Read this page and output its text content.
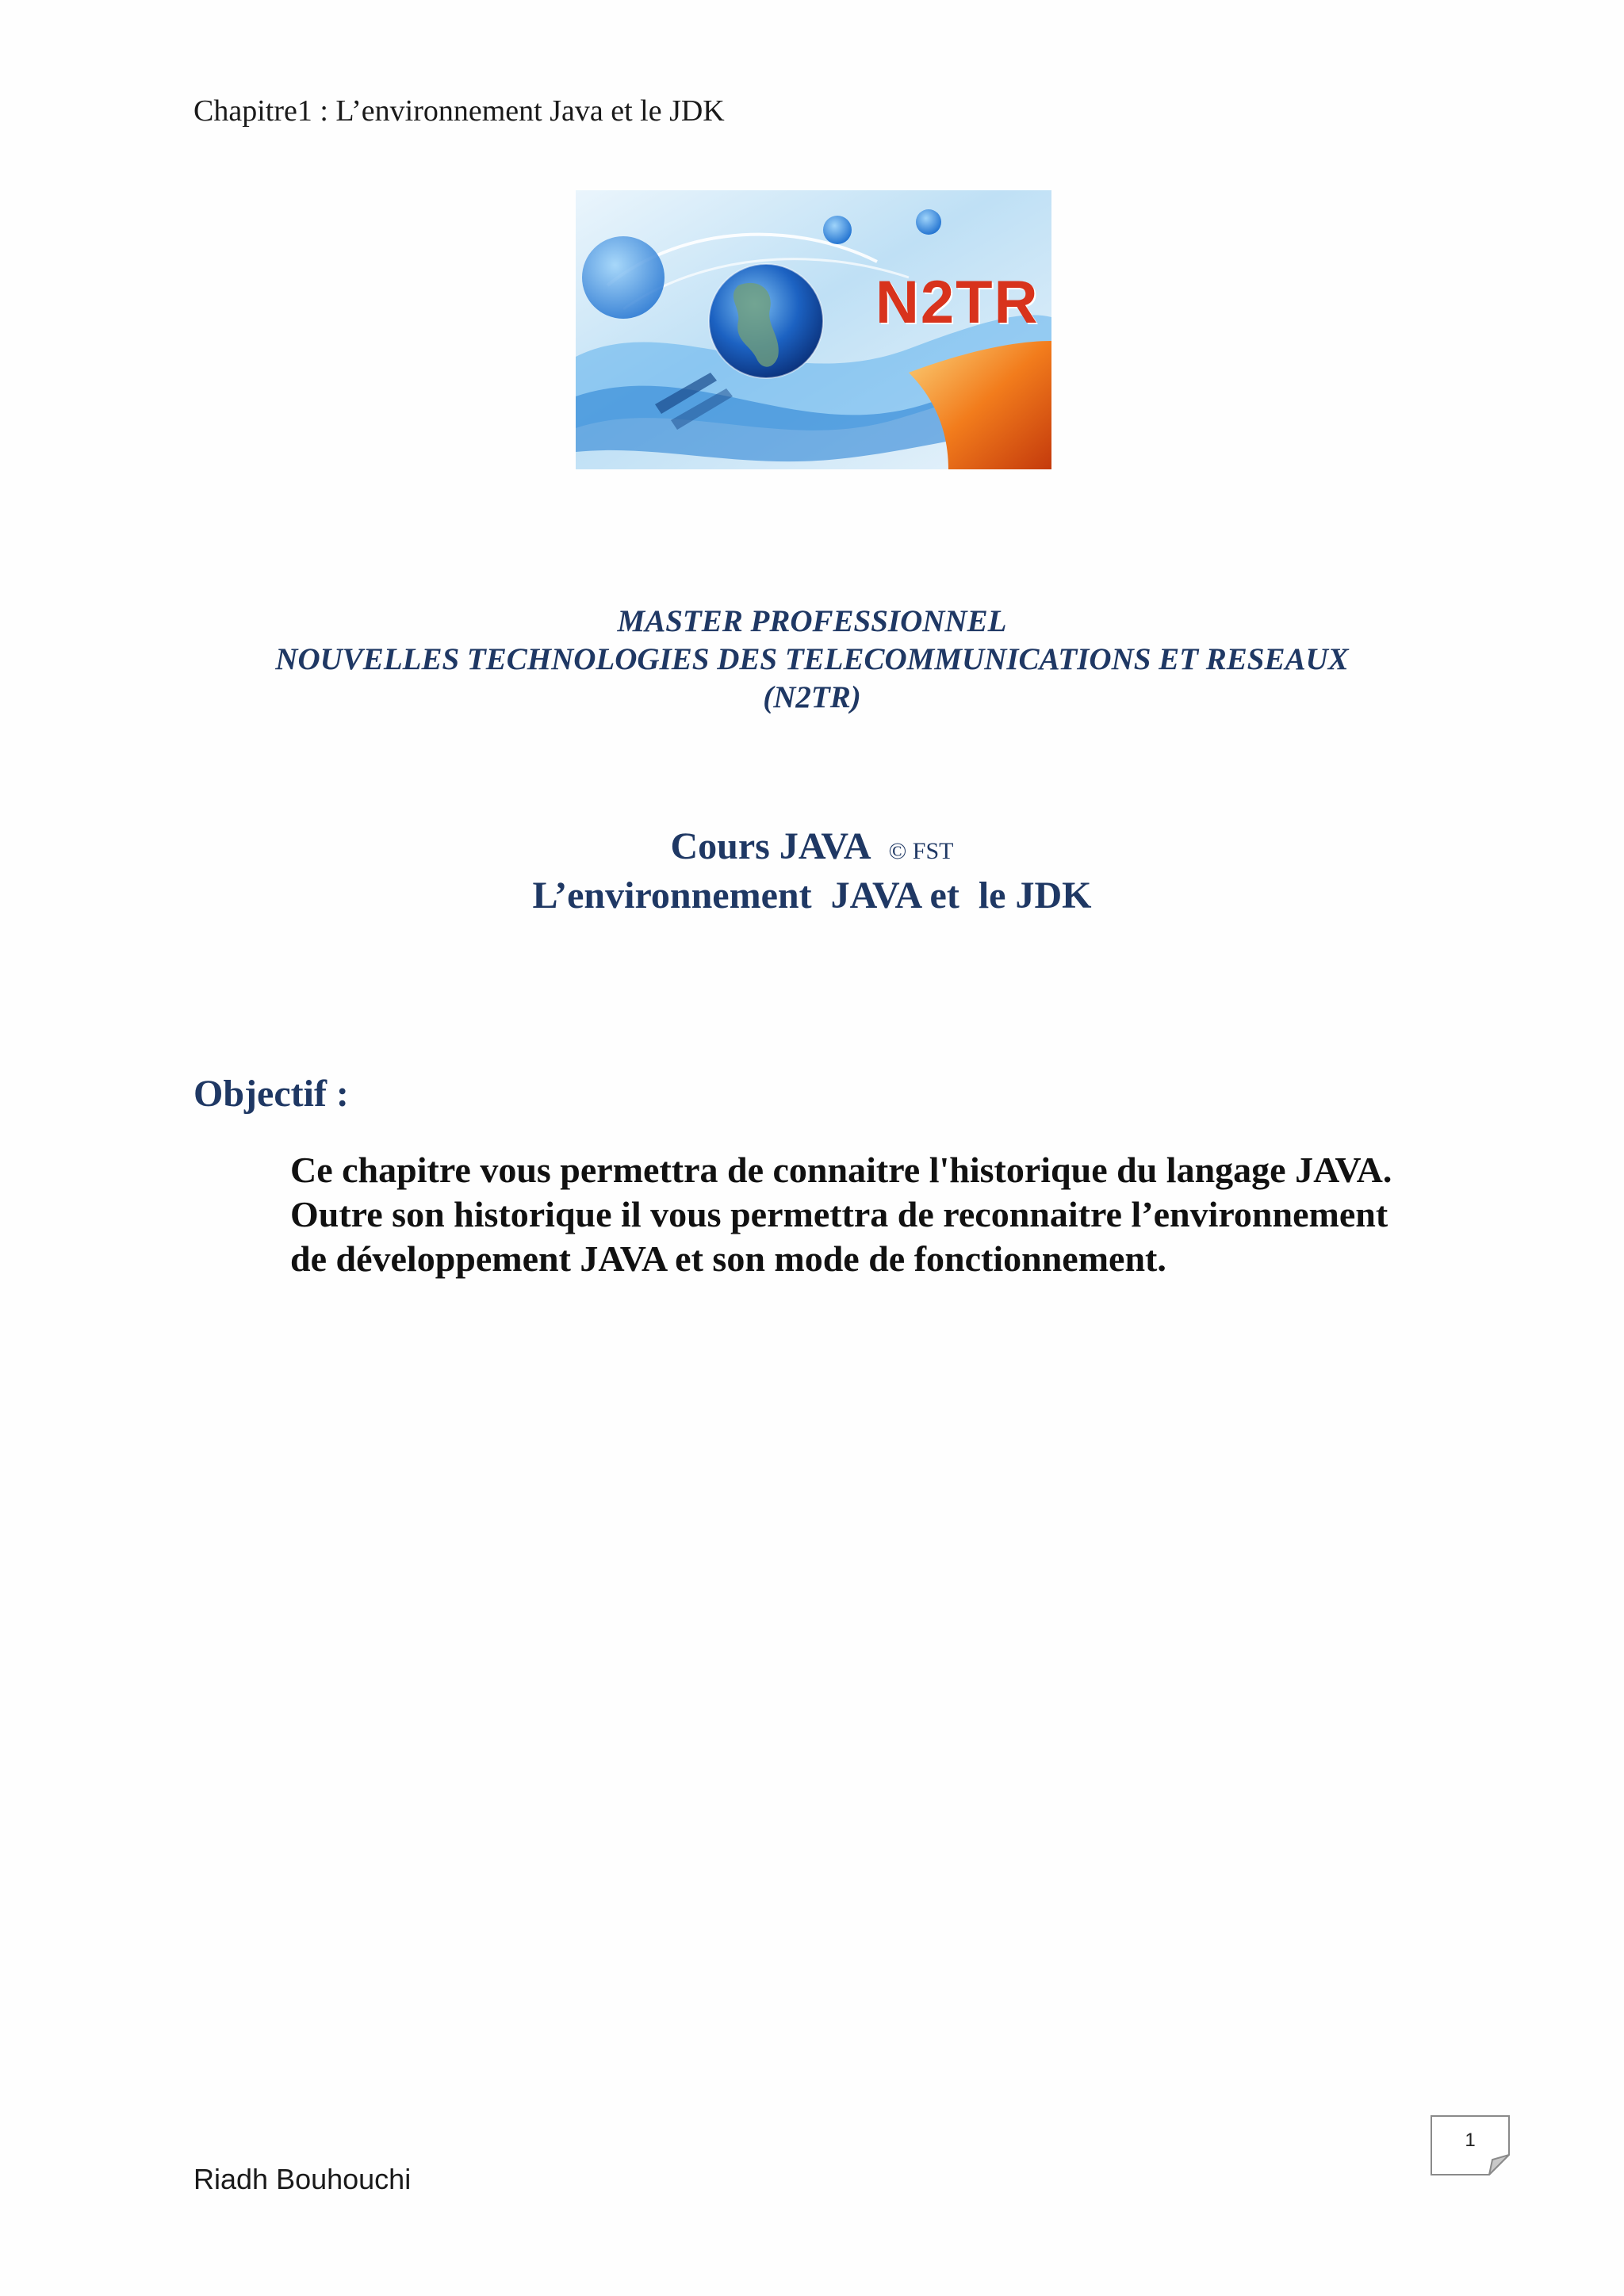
Chapitre1 : L’environnement Java et le JDK
N2TR
MASTER PROFESSIONNEL
NOUVELLES TECHNOLOGIES DES TELECOMMUNICATIONS ET RESEAUX
(N2TR)
Cours JAVA © FST
L’environnement  JAVA et  le JDK
Objectif :
Ce chapitre vous permettra de connaitre l'historique du langage JAVA. Outre son historique il vous permettra de reconnaitre l’environnement de développement JAVA et son mode de fonctionnement.
1
Riadh Bouhouchi
